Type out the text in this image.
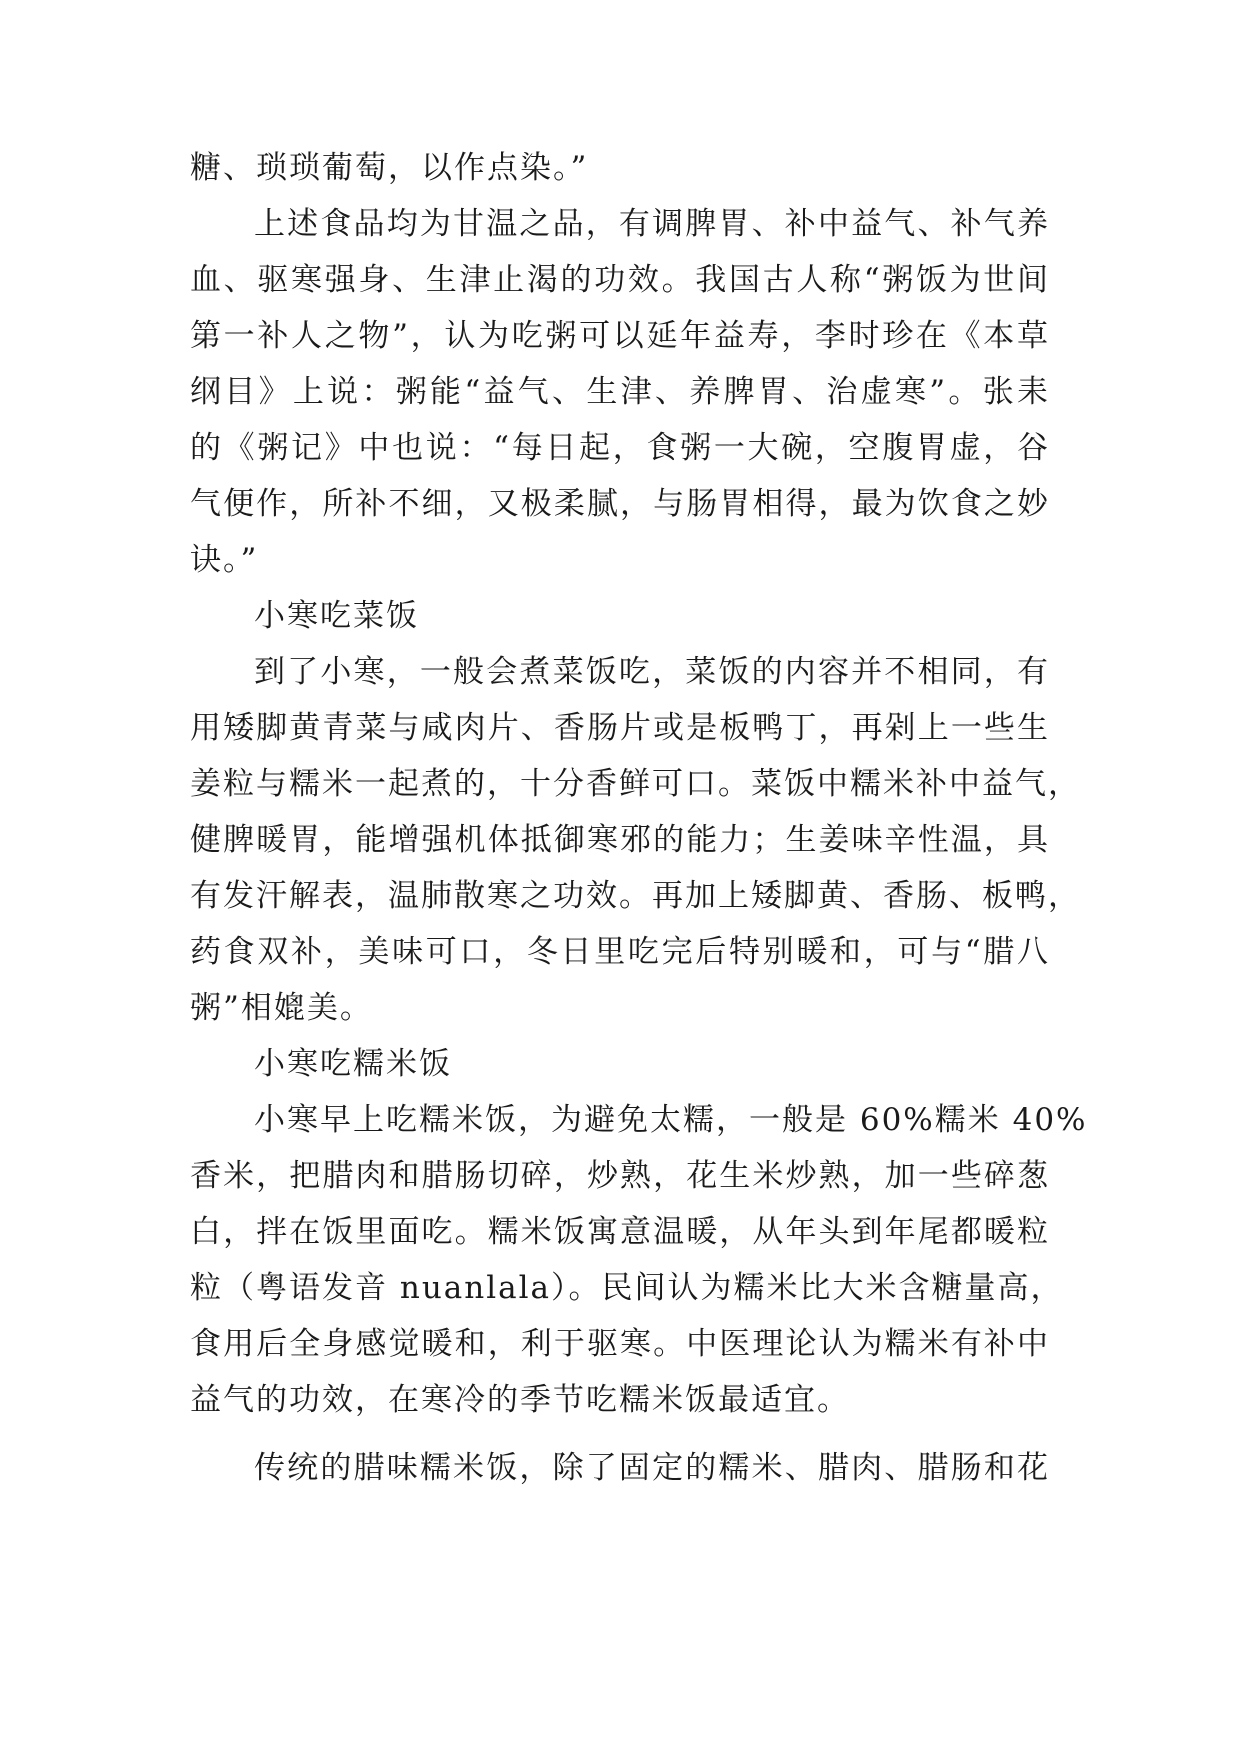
糖、琐琐葡萄，以作点染。”
上述食品均为甘温之品，有调脾胃、补中益气、补气养
血、驱寒强身、生津止渴的功效。我国古人称“粥饭为世间
第一补人之物”，认为吃粥可以延年益寿，李时珍在《本草
纲目》上说：粥能“益气、生津、养脾胃、治虚寒”。张耒
的《粥记》中也说：“每日起，食粥一大碗，空腹胃虚，谷
气便作，所补不细，又极柔腻，与肠胃相得，最为饮食之妙
诀。”
小寒吃菜饭
到了小寒，一般会煮菜饭吃，菜饭的内容并不相同，有
用矮脚黄青菜与咸肉片、香肠片或是板鸭丁，再剁上一些生
姜粒与糯米一起煮的，十分香鲜可口。菜饭中糯米补中益气，
健脾暖胃，能增强机体抵御寒邪的能力；生姜味辛性温，具
有发汗解表，温肺散寒之功效。再加上矮脚黄、香肠、板鸭，
药食双补，美味可口，冬日里吃完后特别暖和，可与“腊八
粥”相媲美。
小寒吃糯米饭
小寒早上吃糯米饭，为避免太糯，一般是 60%糯米 40%
香米，把腊肉和腊肠切碎，炒熟，花生米炒熟，加一些碎葱
白，拌在饭里面吃。糯米饭寓意温暖，从年头到年尾都暖粒
粒（粤语发音 nuanlala）。民间认为糯米比大米含糖量高，
食用后全身感觉暖和，利于驱寒。中医理论认为糯米有补中
益气的功效，在寒冷的季节吃糯米饭最适宜。
传统的腊味糯米饭，除了固定的糯米、腊肉、腊肠和花
